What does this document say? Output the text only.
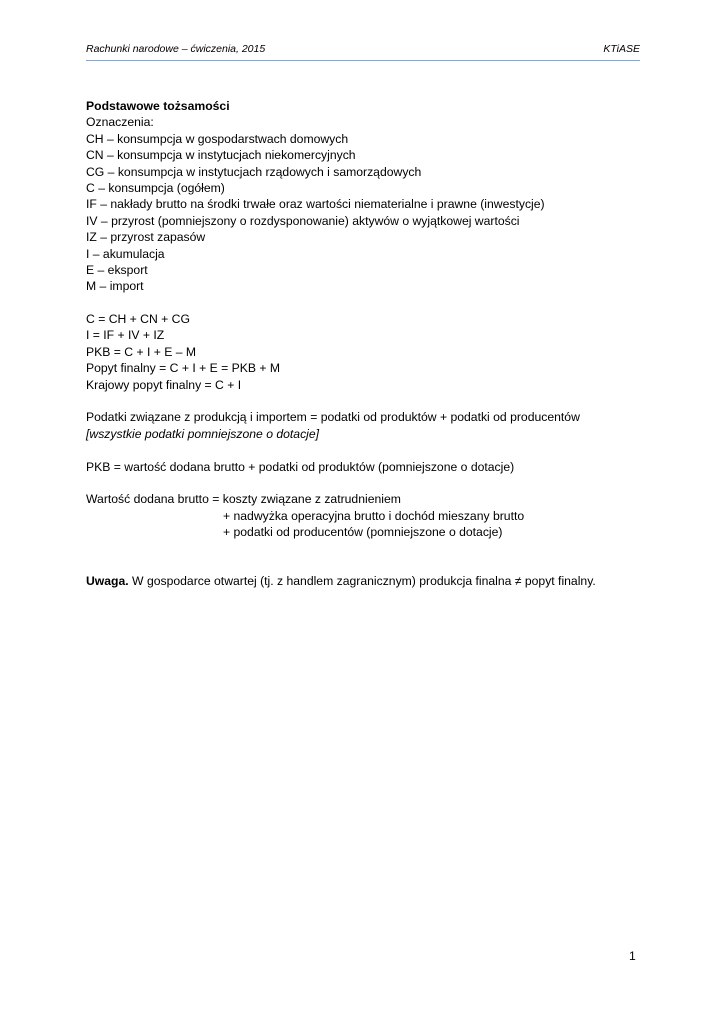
Rachunki narodowe – ćwiczenia, 2015	KTiASE
Podstawowe tożsamości
Oznaczenia:
CH – konsumpcja w gospodarstwach domowych
CN – konsumpcja w instytucjach niekomercyjnych
CG – konsumpcja w instytucjach rządowych i samorządowych
C – konsumpcja (ogółem)
IF – nakłady brutto na środki trwałe oraz wartości niematerialne i prawne (inwestycje)
IV – przyrost (pomniejszony o rozdysponowanie) aktywów o wyjątkowej wartości
IZ – przyrost zapasów
I – akumulacja
E – eksport
M – import
C = CH + CN + CG
I = IF + IV + IZ
PKB = C + I + E – M
Popyt finalny = C + I + E = PKB + M
Krajowy popyt finalny = C + I
Podatki związane z produkcją i importem = podatki od produktów + podatki od producentów
[wszystkie podatki pomniejszone o dotacje]
PKB = wartość dodana brutto + podatki od produktów (pomniejszone o dotacje)
Wartość dodana brutto = koszty związane z zatrudnieniem
+ nadwyżka operacyjna brutto i dochód mieszany brutto
+ podatki od producentów (pomniejszone o dotacje)
Uwaga. W gospodarce otwartej (tj. z handlem zagranicznym) produkcja finalna ≠ popyt finalny.
1
